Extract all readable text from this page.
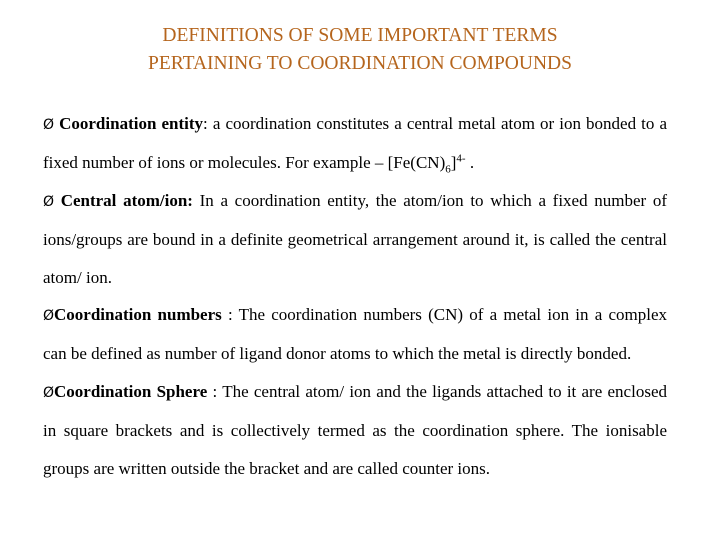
DEFINITIONS OF SOME IMPORTANT TERMS
PERTAINING TO COORDINATION COMPOUNDS

Ø Coordination entity: a coordination constitutes a central metal atom or ion bonded to a fixed number of ions or molecules. For example – $[Fe(CN)_6]^{4-}$ .

Ø Central atom/ion: In a coordination entity, the atom/ion to which a fixed number of ions/groups are bound in a definite geometrical arrangement around it, is called the central atom/ ion.

ØCoordination numbers : The coordination numbers (CN) of a metal ion in a complex can be defined as number of ligand donor atoms to which the metal is directly bonded.

ØCoordination Sphere : The central atom/ ion and the ligands attached to it are enclosed in square brackets and is collectively termed as the coordination sphere. The ionisable groups are written outside the bracket and are called counter ions.
